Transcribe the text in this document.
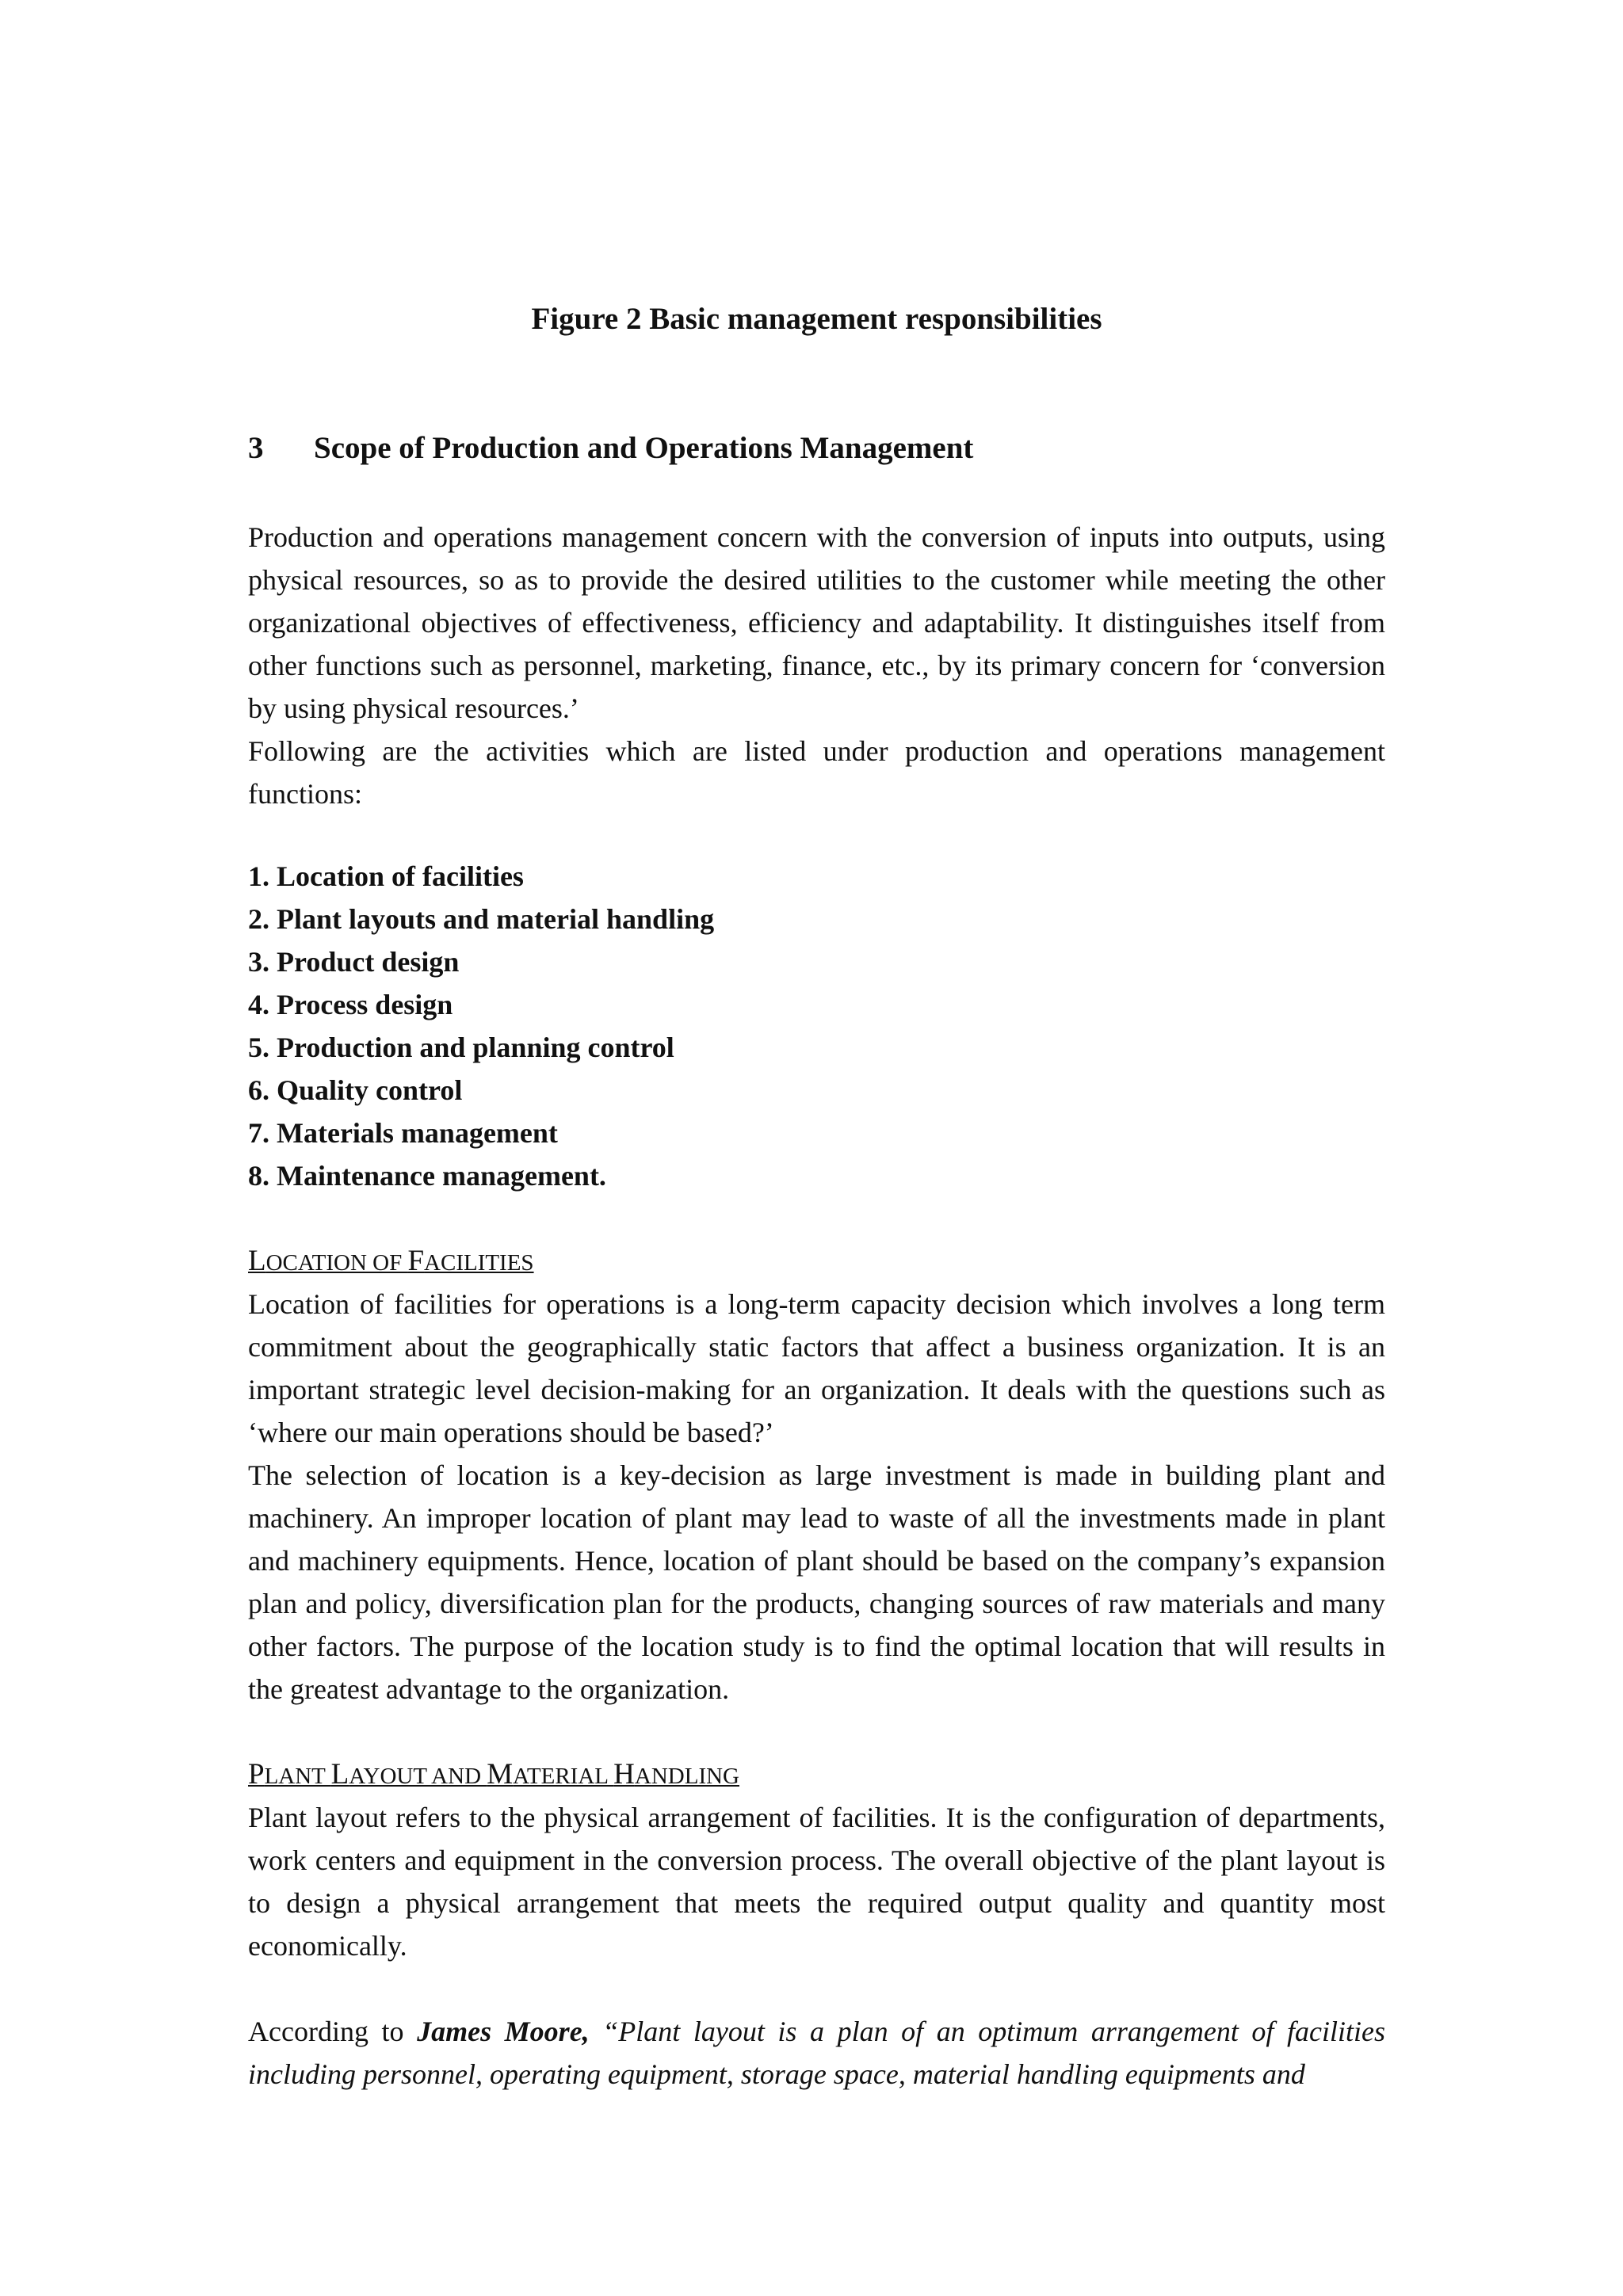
Figure 2 Basic management responsibilities
3 Scope of Production and Operations Management

Production and operations management concern with the conversion of inputs into outputs, using physical resources, so as to provide the desired utilities to the customer while meeting the other organizational objectives of effectiveness, efficiency and adaptability. It distinguishes itself from other functions such as personnel, marketing, finance, etc., by its primary concern for ‘conversion by using physical resources.’

Following are the activities which are listed under production and operations management functions:

1. Location of facilities
2. Plant layouts and material handling
3. Product design
4. Process design
5. Production and planning control
6. Quality control
7. Materials management
8. Maintenance management.
LOCATION OF FACILITIES

Location of facilities for operations is a long-term capacity decision which involves a long term commitment about the geographically static factors that affect a business organization. It is an important strategic level decision-making for an organization. It deals with the questions such as ‘where our main operations should be based?’

The selection of location is a key-decision as large investment is made in building plant and machinery. An improper location of plant may lead to waste of all the investments made in plant and machinery equipments. Hence, location of plant should be based on the company’s expansion plan and policy, diversification plan for the products, changing sources of raw materials and many other factors. The purpose of the location study is to find the optimal location that will results in the greatest advantage to the organization.

PLANT LAYOUT AND MATERIAL HANDLING

Plant layout refers to the physical arrangement of facilities. It is the configuration of departments, work centers and equipment in the conversion process. The overall objective of the plant layout is to design a physical arrangement that meets the required output quality and quantity most economically.

According to James Moore, “Plant layout is a plan of an optimum arrangement of facilities including personnel, operating equipment, storage space, material handling equipments and
